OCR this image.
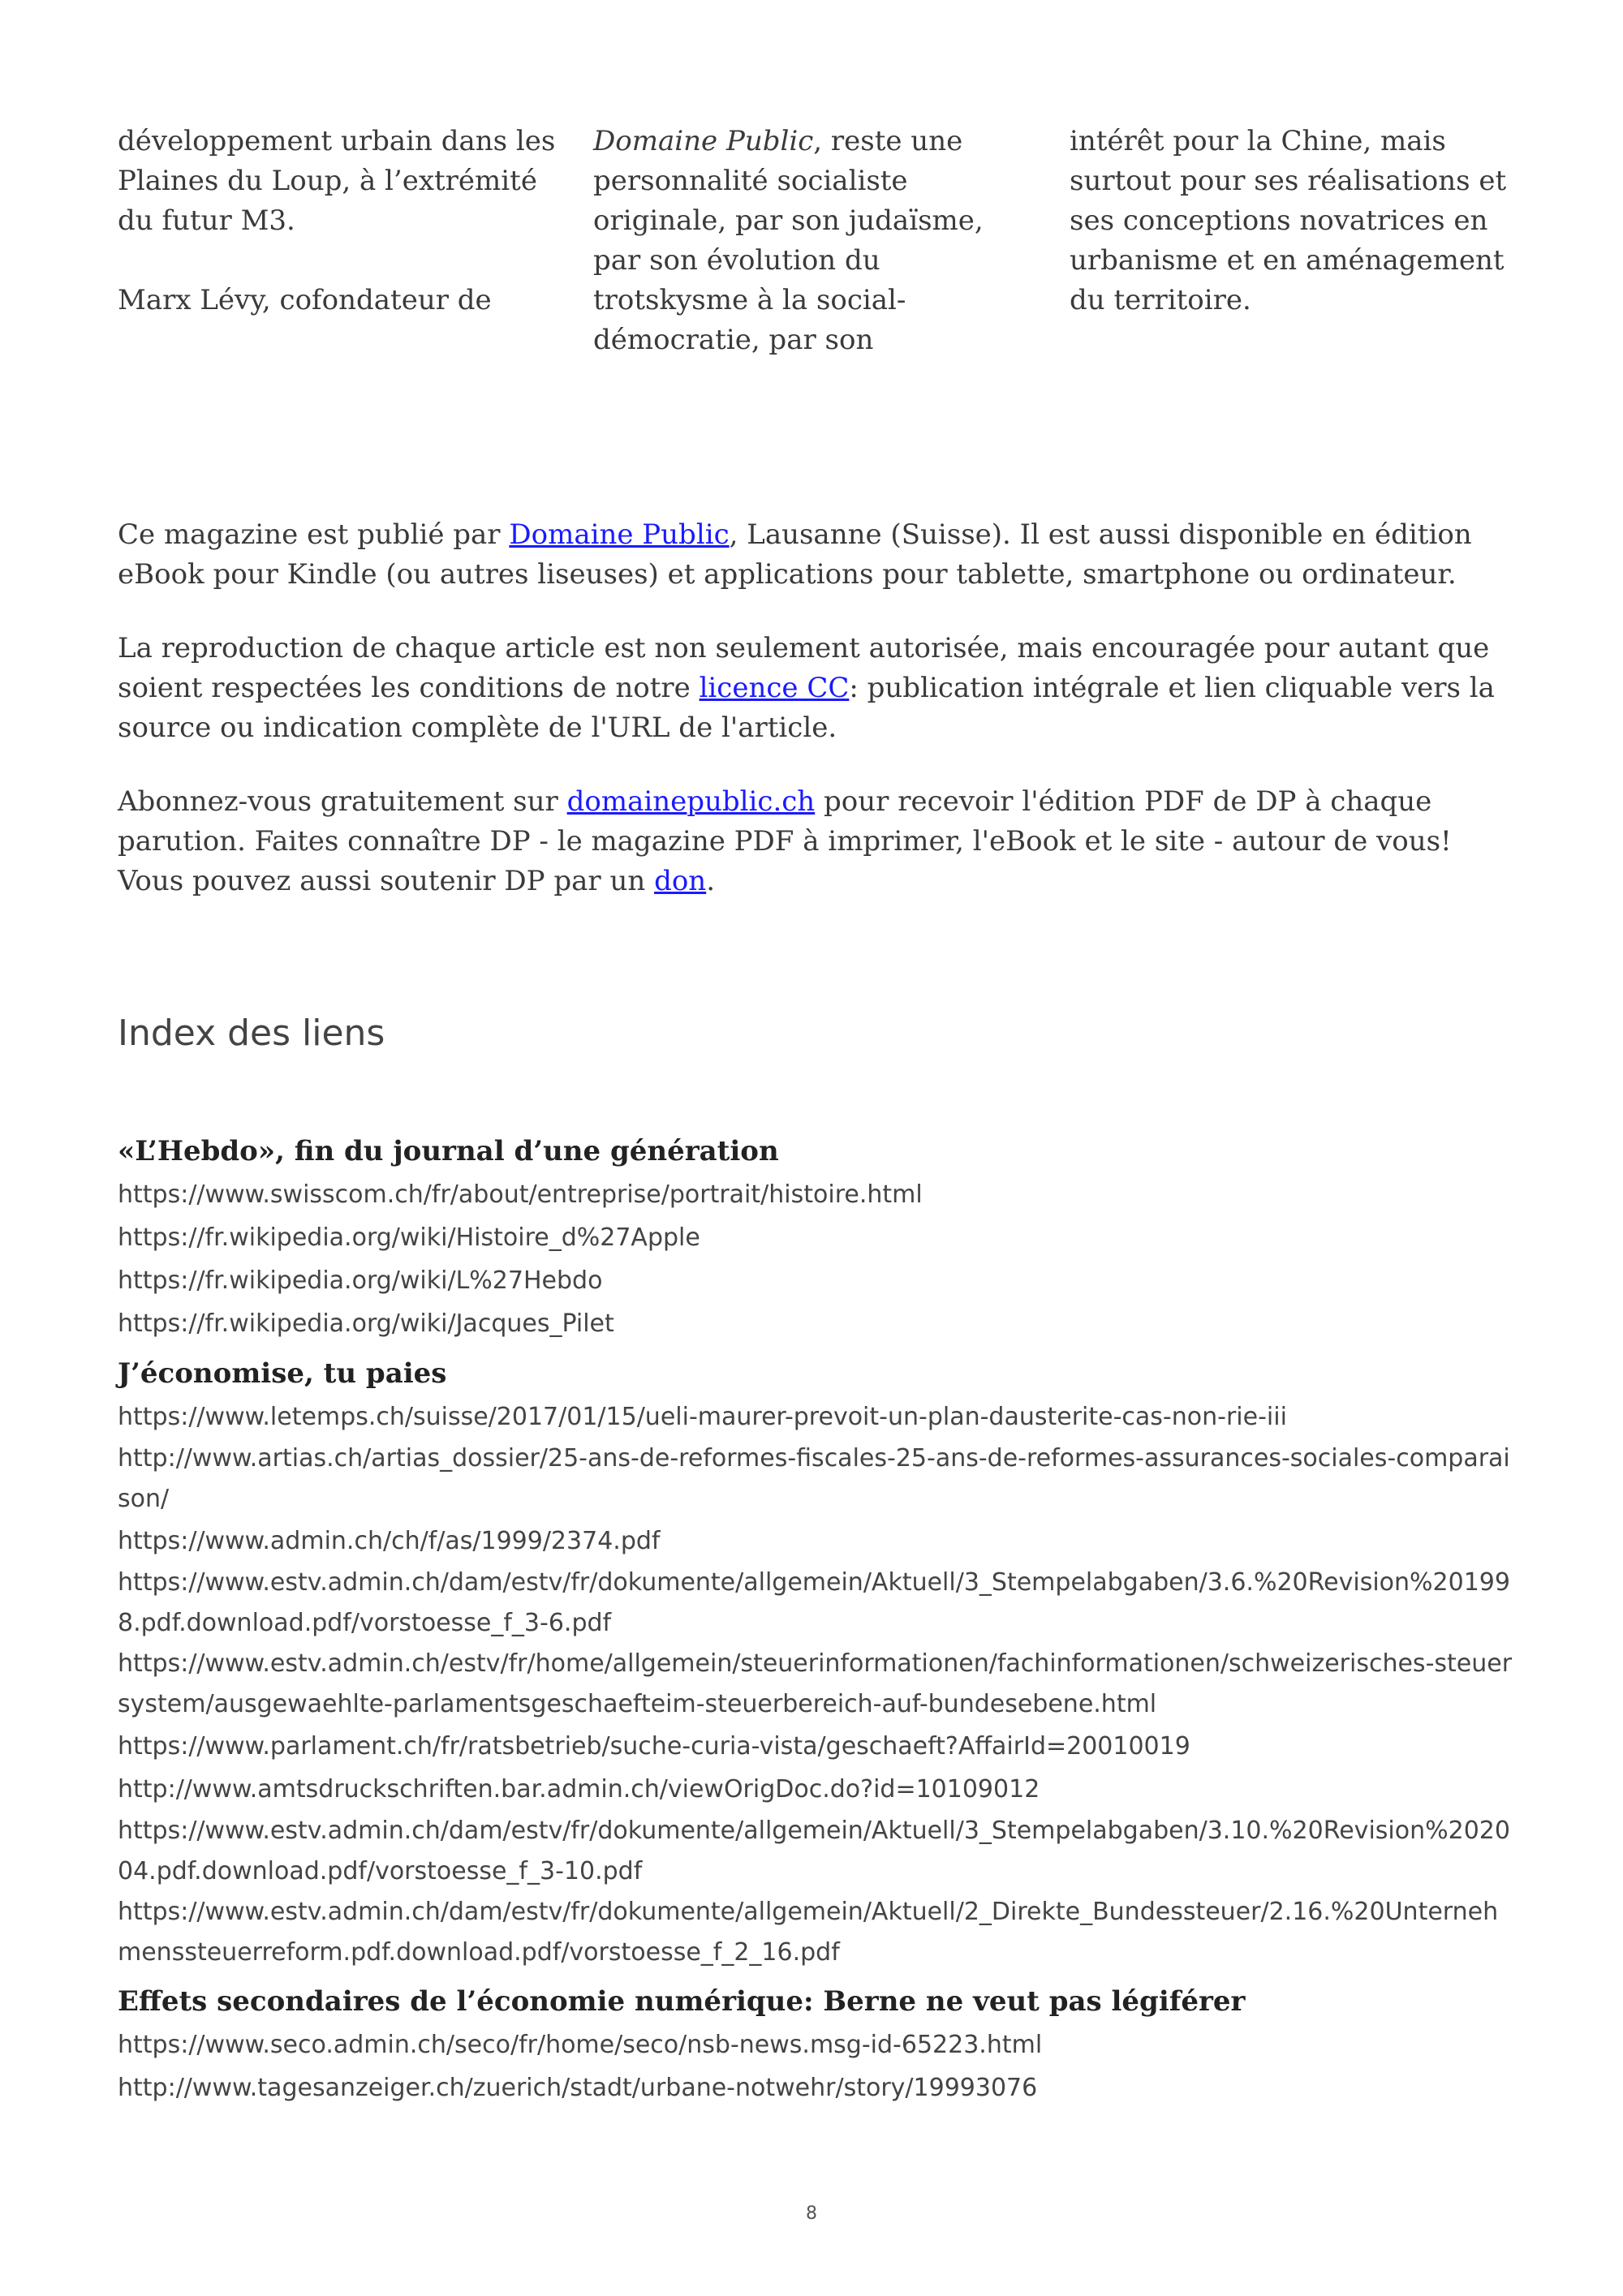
développement urbain dans les Plaines du Loup, à l’extrémité du futur M3.

Marx Lévy, cofondateur de

Domaine Public, reste une personnalité socialiste originale, par son judaïsme, par son évolution du trotskysme à la social-démocratie, par son

intérêt pour la Chine, mais surtout pour ses réalisations et ses conceptions novatrices en urbanisme et en aménagement du territoire.

Ce magazine est publié par Domaine Public, Lausanne (Suisse). Il est aussi disponible en édition eBook pour Kindle (ou autres liseuses) et applications pour tablette, smartphone ou ordinateur.

La reproduction de chaque article est non seulement autorisée, mais encouragée pour autant que soient respectées les conditions de notre licence CC: publication intégrale et lien cliquable vers la source ou indication complète de l'URL de l'article.

Abonnez-vous gratuitement sur domainepublic.ch pour recevoir l'édition PDF de DP à chaque parution. Faites connaître DP - le magazine PDF à imprimer, l'eBook et le site - autour de vous! Vous pouvez aussi soutenir DP par un don.

Index des liens

«L’Hebdo», fin du journal d’une génération

https://www.swisscom.ch/fr/about/entreprise/portrait/histoire.html

https://fr.wikipedia.org/wiki/Histoire_d%27Apple

https://fr.wikipedia.org/wiki/L%27Hebdo

https://fr.wikipedia.org/wiki/Jacques_Pilet

J’économise, tu paies

https://www.letemps.ch/suisse/2017/01/15/ueli-maurer-prevoit-un-plan-dausterite-cas-non-rie-iii

http://www.artias.ch/artias_dossier/25-ans-de-reformes-fiscales-25-ans-de-reformes-assurances-sociales-comparaison/

https://www.admin.ch/ch/f/as/1999/2374.pdf

https://www.estv.admin.ch/dam/estv/fr/dokumente/allgemein/Aktuell/3_Stempelabgaben/3.6.%20Revision%201998.pdf.download.pdf/vorstoesse_f_3-6.pdf

https://www.estv.admin.ch/estv/fr/home/allgemein/steuerinformationen/fachinformationen/schweizerisches-steuersystem/ausgewaehlte-parlamentsgeschaefteim-steuerbereich-auf-bundesebene.html

https://www.parlament.ch/fr/ratsbetrieb/suche-curia-vista/geschaeft?AffairId=20010019

http://www.amtsdruckschriften.bar.admin.ch/viewOrigDoc.do?id=10109012

https://www.estv.admin.ch/dam/estv/fr/dokumente/allgemein/Aktuell/3_Stempelabgaben/3.10.%20Revision%202004.pdf.download.pdf/vorstoesse_f_3-10.pdf

https://www.estv.admin.ch/dam/estv/fr/dokumente/allgemein/Aktuell/2_Direkte_Bundessteuer/2.16.%20Unternehmenssteuerreform.pdf.download.pdf/vorstoesse_f_2_16.pdf

Effets secondaires de l’économie numérique: Berne ne veut pas légiférer

https://www.seco.admin.ch/seco/fr/home/seco/nsb-news.msg-id-65223.html

http://www.tagesanzeiger.ch/zuerich/stadt/urbane-notwehr/story/19993076

8
